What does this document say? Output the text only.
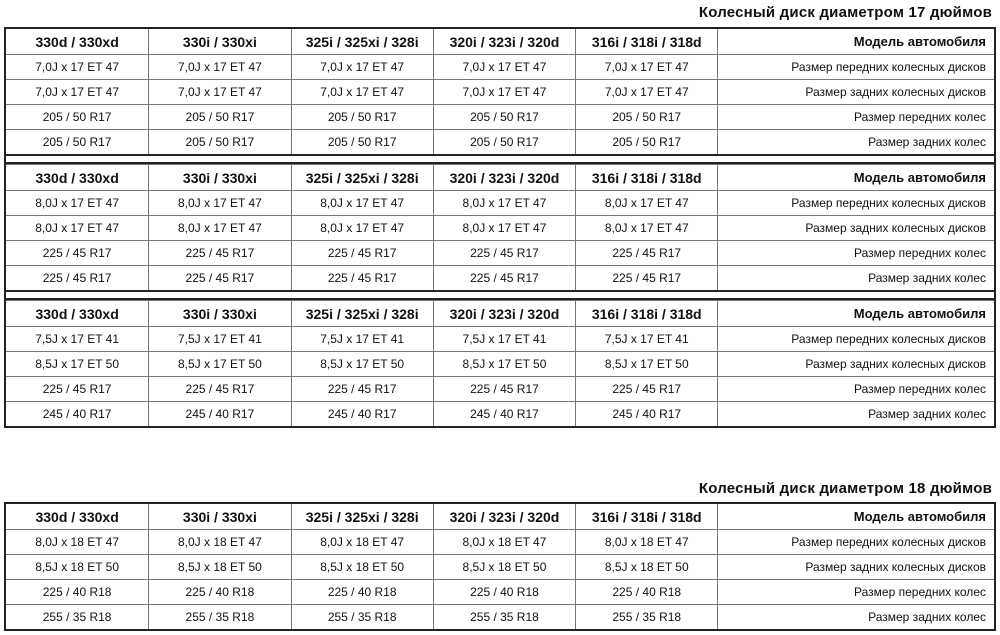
Колесный диск диаметром 17 дюймов
Модель автомобиля
316i / 318i / 318d
320i / 323i / 320d
325i / 325xi / 328i
330i / 330xi
330d / 330xd
Размер передних колесных дисков
7,0J x 17 ET 47
7,0J x 17 ET 47
7,0J x 17 ET 47
7,0J x 17 ET 47
7,0J x 17 ET 47
Размер задних колесных дисков
7,0J x 17 ET 47
7,0J x 17 ET 47
7,0J x 17 ET 47
7,0J x 17 ET 47
7,0J x 17 ET 47
Размер передних колес
205 / 50 R17
205 / 50 R17
205 / 50 R17
205 / 50 R17
205 / 50 R17
Размер задних колес
205 / 50 R17
205 / 50 R17
205 / 50 R17
205 / 50 R17
205 / 50 R17
Модель автомобиля
316i / 318i / 318d
320i / 323i / 320d
325i / 325xi / 328i
330i / 330xi
330d / 330xd
Размер передних колесных дисков
8,0J x 17 ET 47
8,0J x 17 ET 47
8,0J x 17 ET 47
8,0J x 17 ET 47
8,0J x 17 ET 47
Размер задних колесных дисков
8,0J x 17 ET 47
8,0J x 17 ET 47
8,0J x 17 ET 47
8,0J x 17 ET 47
8,0J x 17 ET 47
Размер передних колес
225 / 45 R17
225 / 45 R17
225 / 45 R17
225 / 45 R17
225 / 45 R17
Размер задних колес
225 / 45 R17
225 / 45 R17
225 / 45 R17
225 / 45 R17
225 / 45 R17
Модель автомобиля
316i / 318i / 318d
320i / 323i / 320d
325i / 325xi / 328i
330i / 330xi
330d / 330xd
Размер передних колесных дисков
7,5J x 17 ET 41
7,5J x 17 ET 41
7,5J x 17 ET 41
7,5J x 17 ET 41
7,5J x 17 ET 41
Размер задних колесных дисков
8,5J x 17 ET 50
8,5J x 17 ET 50
8,5J x 17 ET 50
8,5J x 17 ET 50
8,5J x 17 ET 50
Размер передних колес
225 / 45 R17
225 / 45 R17
225 / 45 R17
225 / 45 R17
225 / 45 R17
Размер задних колес
245 / 40 R17
245 / 40 R17
245 / 40 R17
245 / 40 R17
245 / 40 R17
Колесный диск диаметром 18 дюймов
Модель автомобиля
316i / 318i / 318d
320i / 323i / 320d
325i / 325xi / 328i
330i / 330xi
330d / 330xd
Размер передних колесных дисков
8,0J x 18 ET 47
8,0J x 18 ET 47
8,0J x 18 ET 47
8,0J x 18 ET 47
8,0J x 18 ET 47
Размер задних колесных дисков
8,5J x 18 ET 50
8,5J x 18 ET 50
8,5J x 18 ET 50
8,5J x 18 ET 50
8,5J x 18 ET 50
Размер передних колес
225 / 40 R18
225 / 40 R18
225 / 40 R18
225 / 40 R18
225 / 40 R18
Размер задних колес
255 / 35 R18
255 / 35 R18
255 / 35 R18
255 / 35 R18
255 / 35 R18
